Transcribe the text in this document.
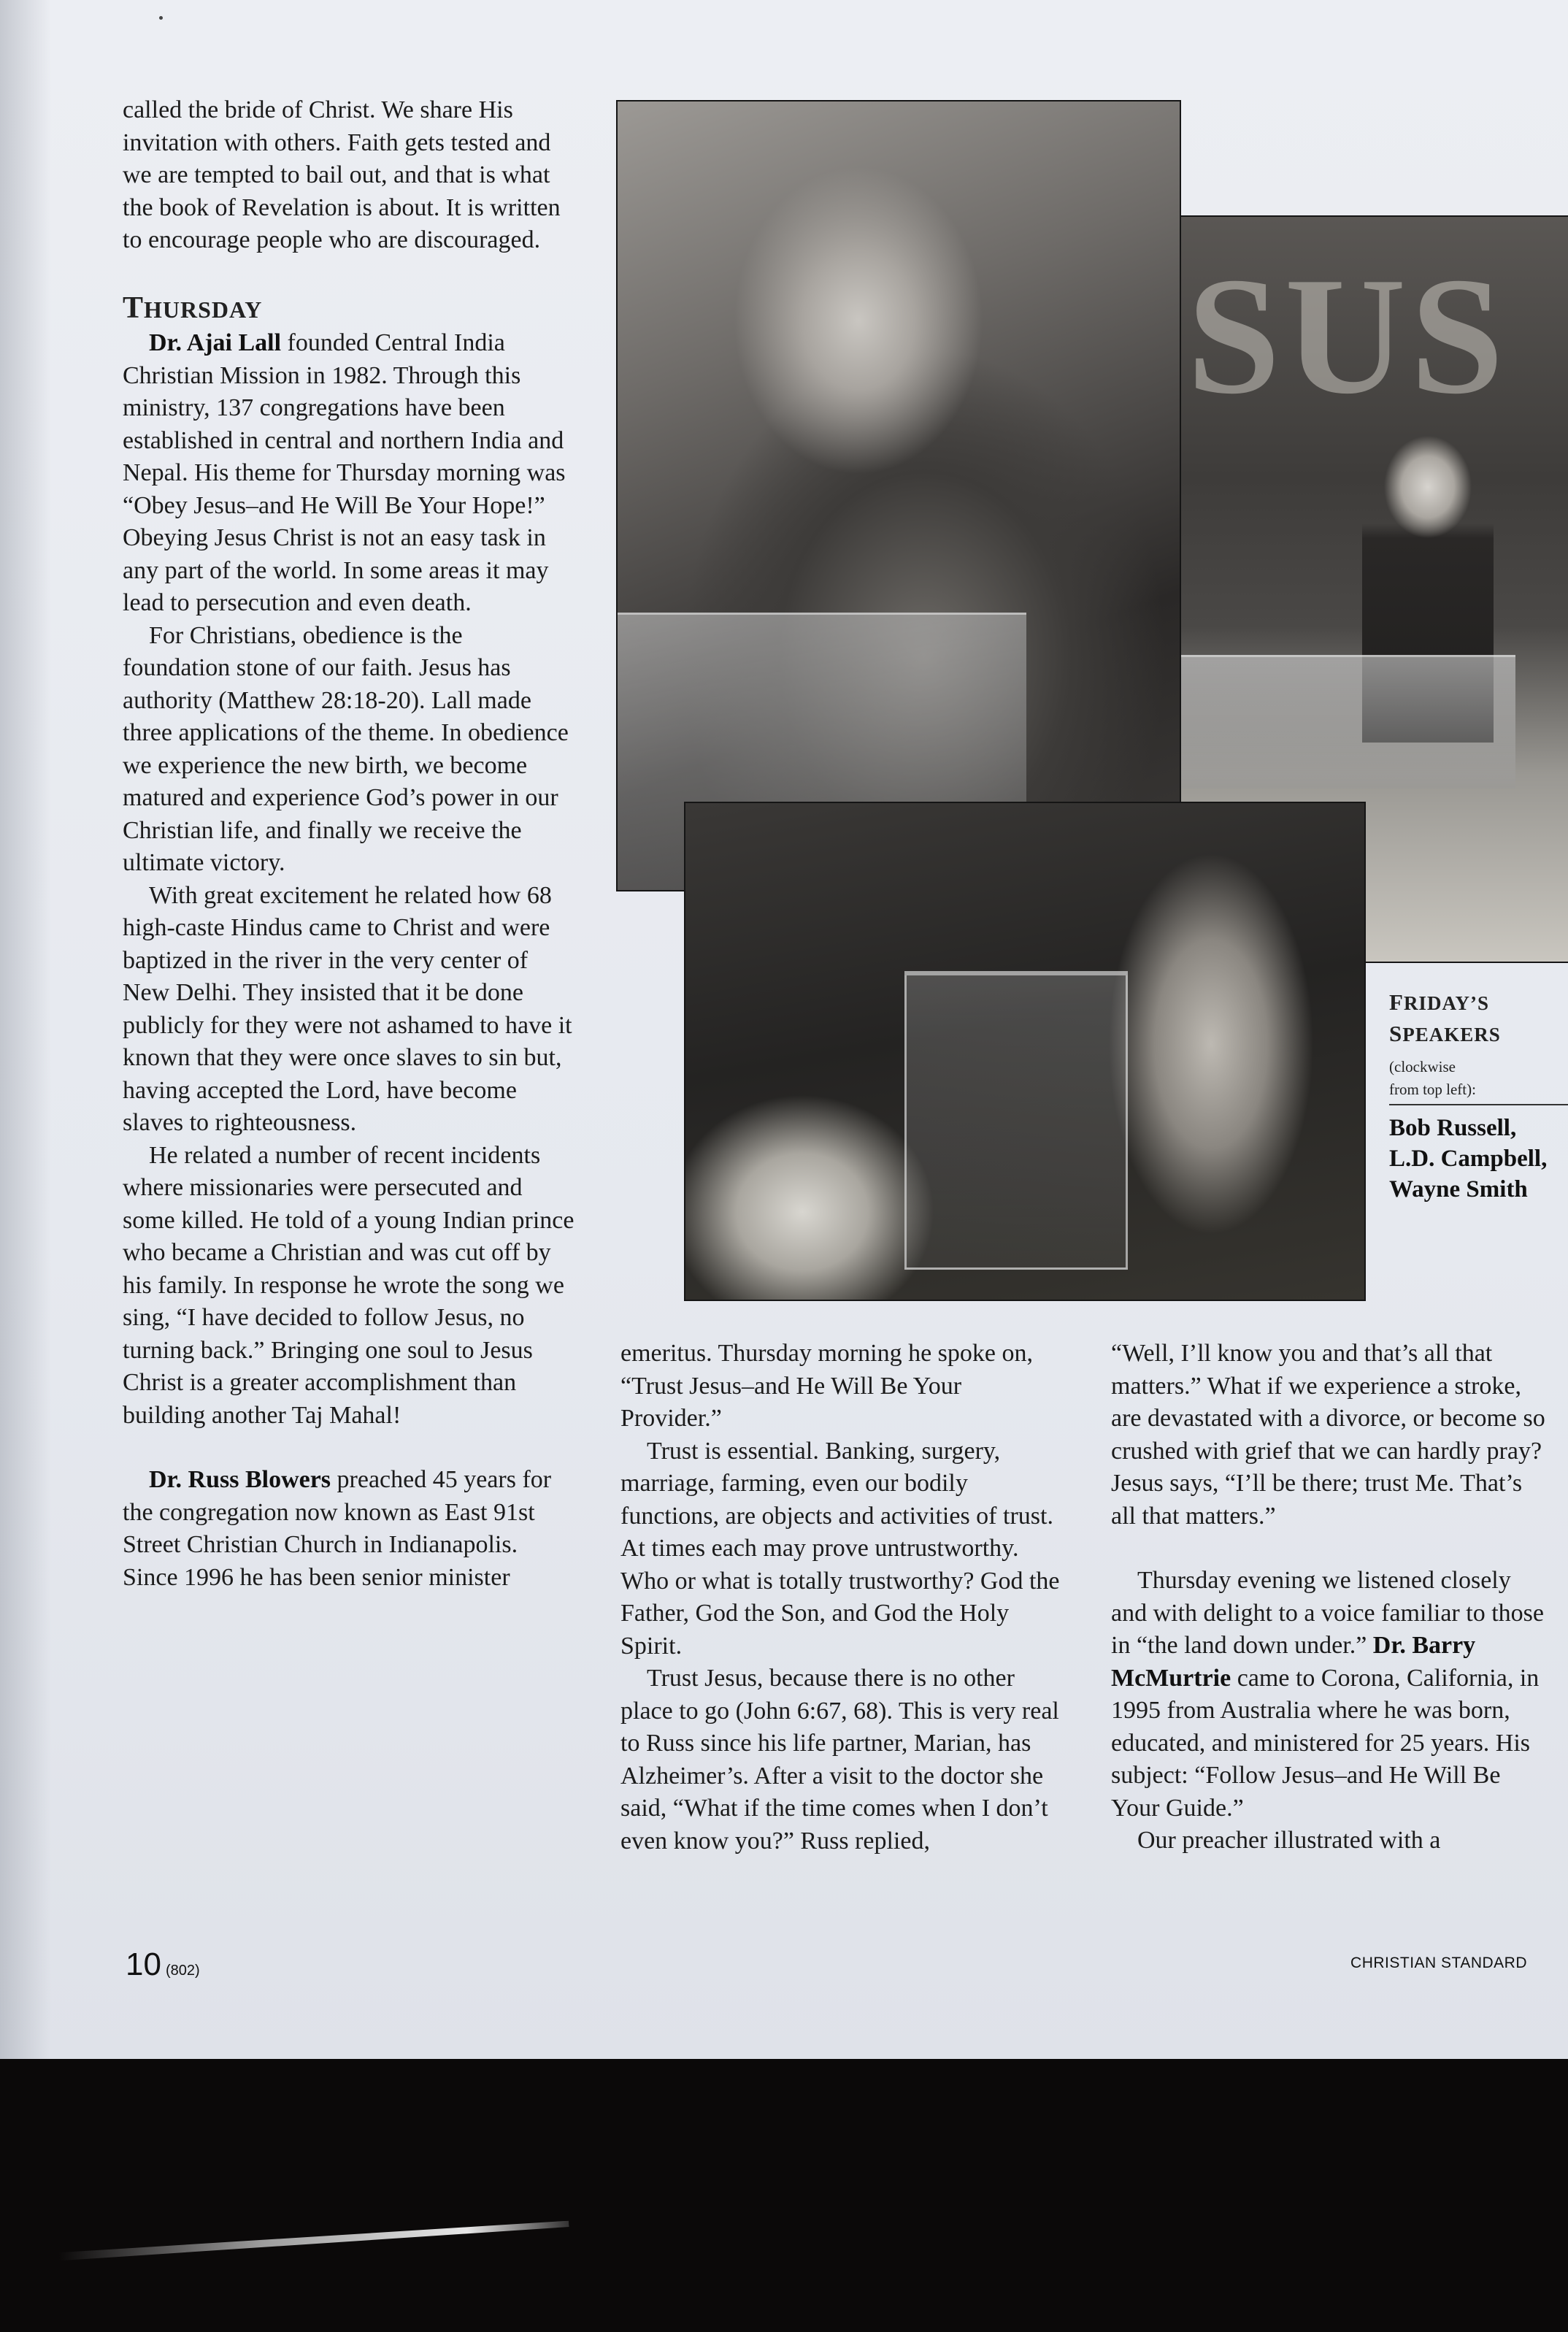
called the bride of Christ. We share His invitation with others. Faith gets tested and we are tempted to bail out, and that is what the book of Revelation is about. It is written to encourage people who are discouraged.

THURSDAY

Dr. Ajai Lall founded Central India Christian Mission in 1982. Through this ministry, 137 congregations have been established in central and northern India and Nepal. His theme for Thursday morning was “Obey Jesus–and He Will Be Your Hope!” Obeying Jesus Christ is not an easy task in any part of the world. In some areas it may lead to persecution and even death.

For Christians, obedience is the foundation stone of our faith. Jesus has authority (Matthew 28:18-20). Lall made three applications of the theme. In obedience we experience the new birth, we become matured and experience God’s power in our Christian life, and finally we receive the ultimate victory.

With great excitement he related how 68 high-caste Hindus came to Christ and were baptized in the river in the very center of New Delhi. They insisted that it be done publicly for they were not ashamed to have it known that they were once slaves to sin but, having accepted the Lord, have become slaves to righteousness.

He related a number of recent incidents where missionaries were persecuted and some killed. He told of a young Indian prince who became a Christian and was cut off by his family. In response he wrote the song we sing, “I have decided to follow Jesus, no turning back.” Bringing one soul to Jesus Christ is a greater accomplishment than building another Taj Mahal!

Dr. Russ Blowers preached 45 years for the congregation now known as East 91st Street Christian Church in Indianapolis. Since 1996 he has been senior minister

SUS
FRIDAY’S
SPEAKERS (clockwise
from top left):
Bob Russell,
L.D. Campbell,
Wayne Smith

emeritus. Thursday morning he spoke on, “Trust Jesus–and He Will Be Your Provider.”

Trust is essential. Banking, surgery, marriage, farming, even our bodily functions, are objects and activities of trust. At times each may prove untrustworthy. Who or what is totally trustworthy? God the Father, God the Son, and God the Holy Spirit.

Trust Jesus, because there is no other place to go (John 6:67, 68). This is very real to Russ since his life partner, Marian, has Alzheimer’s. After a visit to the doctor she said, “What if the time comes when I don’t even know you?” Russ replied,

“Well, I’ll know you and that’s all that matters.” What if we experience a stroke, are devastated with a divorce, or become so crushed with grief that we can hardly pray? Jesus says, “I’ll be there; trust Me. That’s all that matters.”

Thursday evening we listened closely and with delight to a voice familiar to those in “the land down under.” Dr. Barry McMurtrie came to Corona, California, in 1995 from Australia where he was born, educated, and ministered for 25 years. His subject: “Follow Jesus–and He Will Be Your Guide.”

Our preacher illustrated with a

10 (802)	CHRISTIAN STANDARD
